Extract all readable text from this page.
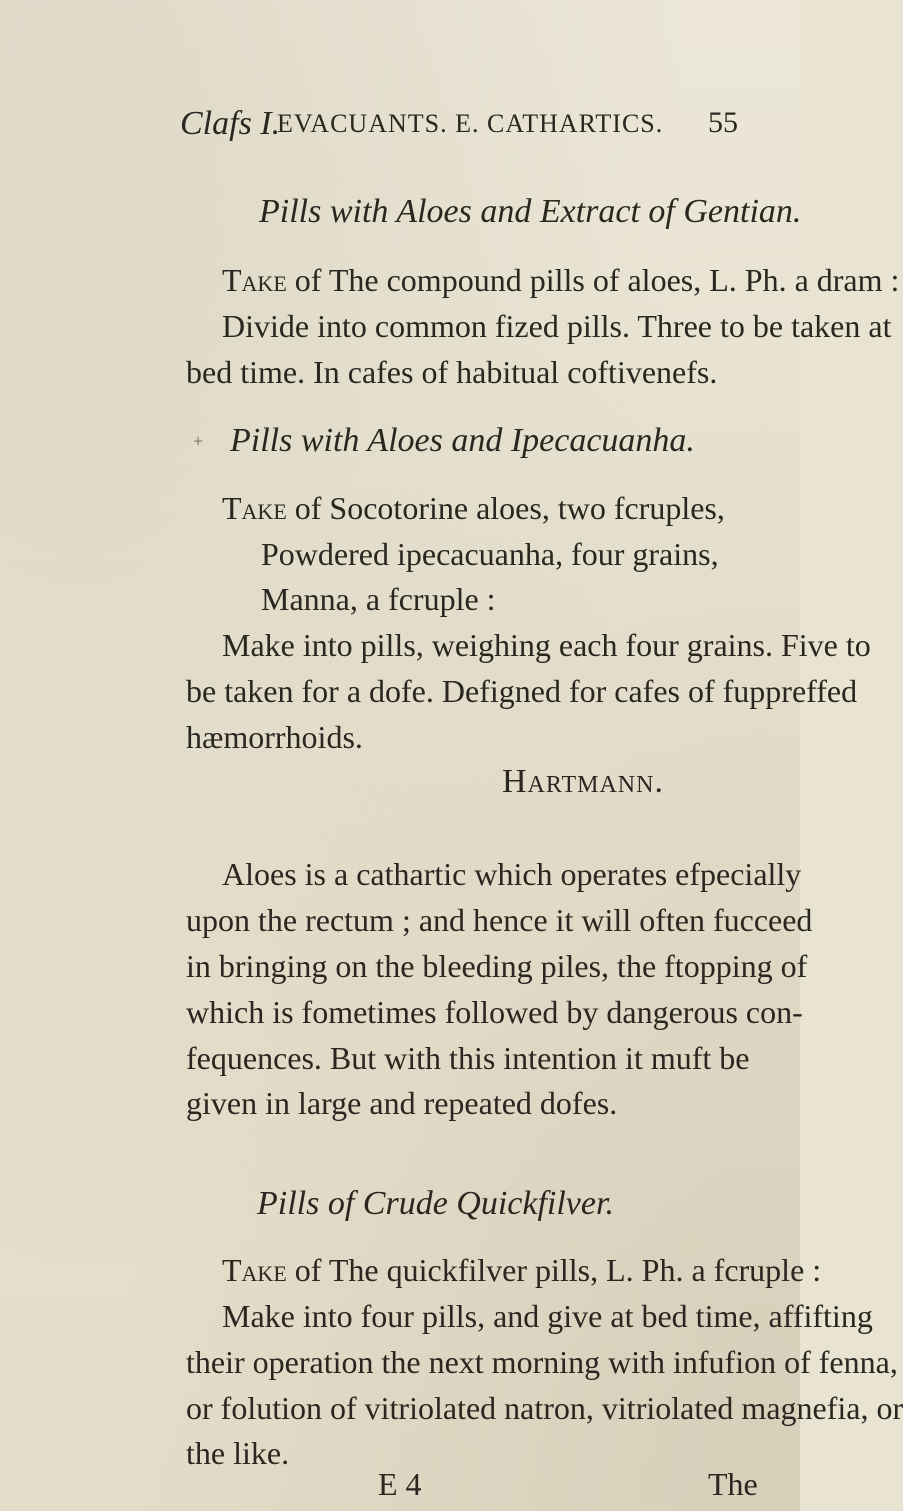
Clafs I.
EVACUANTS. E. CATHARTICS. 55
Pills with Aloes and Extract of Gentian.
Take of The compound pills of aloes, L. Ph. a dram :
Divide into common fized pills. Three to be taken at
bed time. In cafes of habitual coftivenefs.
+ Pills with Aloes and Ipecacuanha.
Take of Socotorine aloes, two fcruples,
Powdered ipecacuanha, four grains,
Manna, a fcruple :
Make into pills, weighing each four grains. Five to
be taken for a dofe. Defigned for cafes of fuppreffed
hæmorrhoids.
Hartmann.
Aloes is a cathartic which operates efpecially
upon the rectum ; and hence it will often fucceed
in bringing on the bleeding piles, the ftopping of
which is fometimes followed by dangerous con-
fequences. But with this intention it muft be
given in large and repeated dofes.
Pills of Crude Quickfilver.
Take of The quickfilver pills, L. Ph. a fcruple :
Make into four pills, and give at bed time, affifting
their operation the next morning with infufion of fenna,
or folution of vitriolated natron, vitriolated magnefia, or
the like.
E 4	The
